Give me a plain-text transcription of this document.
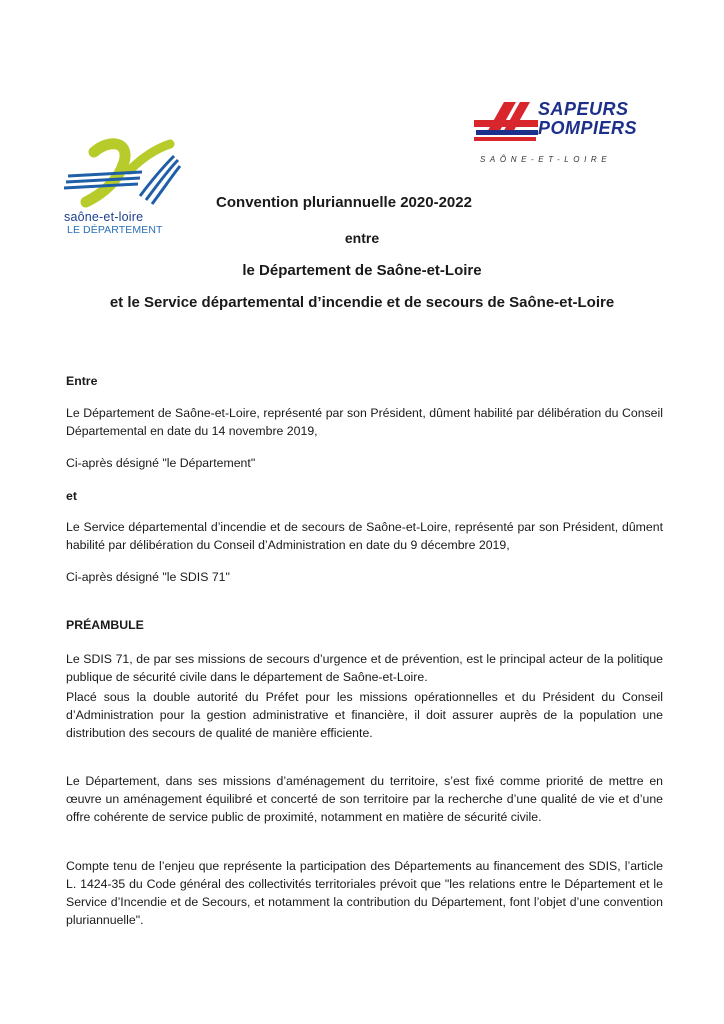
saône-et-loire
LE DÉPARTEMENT
SAPEURS
POMPIERS
SAÔNE-ET-LOIRE
Convention pluriannuelle 2020-2022
entre
le Département de Saône-et-Loire
et le Service départemental d’incendie et de secours de Saône-et-Loire
Entre
Le Département de Saône-et-Loire, représenté par son Président, dûment habilité par délibération du Conseil Départemental en date du 14 novembre 2019,
Ci-après désigné "le Département"
et
Le Service départemental d’incendie et de secours de Saône-et-Loire, représenté par son Président, dûment habilité par délibération du Conseil d’Administration en date du 9 décembre 2019,
Ci-après désigné "le SDIS 71"
PRÉAMBULE
Le SDIS 71, de par ses missions de secours d’urgence et de prévention, est le principal acteur de la politique publique de sécurité civile dans le département de Saône-et-Loire.
Placé sous la double autorité du Préfet pour les missions opérationnelles et du Président du Conseil d’Administration pour la gestion administrative et financière, il doit assurer auprès de la population une distribution des secours de qualité de manière efficiente.
Le Département, dans ses missions d’aménagement du territoire, s’est fixé comme priorité de mettre en œuvre un aménagement équilibré et concerté de son territoire par la recherche d’une qualité de vie et d’une offre cohérente de service public de proximité, notamment en matière de sécurité civile.
Compte tenu de l’enjeu que représente la participation des Départements au financement des SDIS, l’article L. 1424-35 du Code général des collectivités territoriales prévoit que "les relations entre le Département et le Service d’Incendie et de Secours, et notamment la contribution du Département, font l’objet d’une convention pluriannuelle".
